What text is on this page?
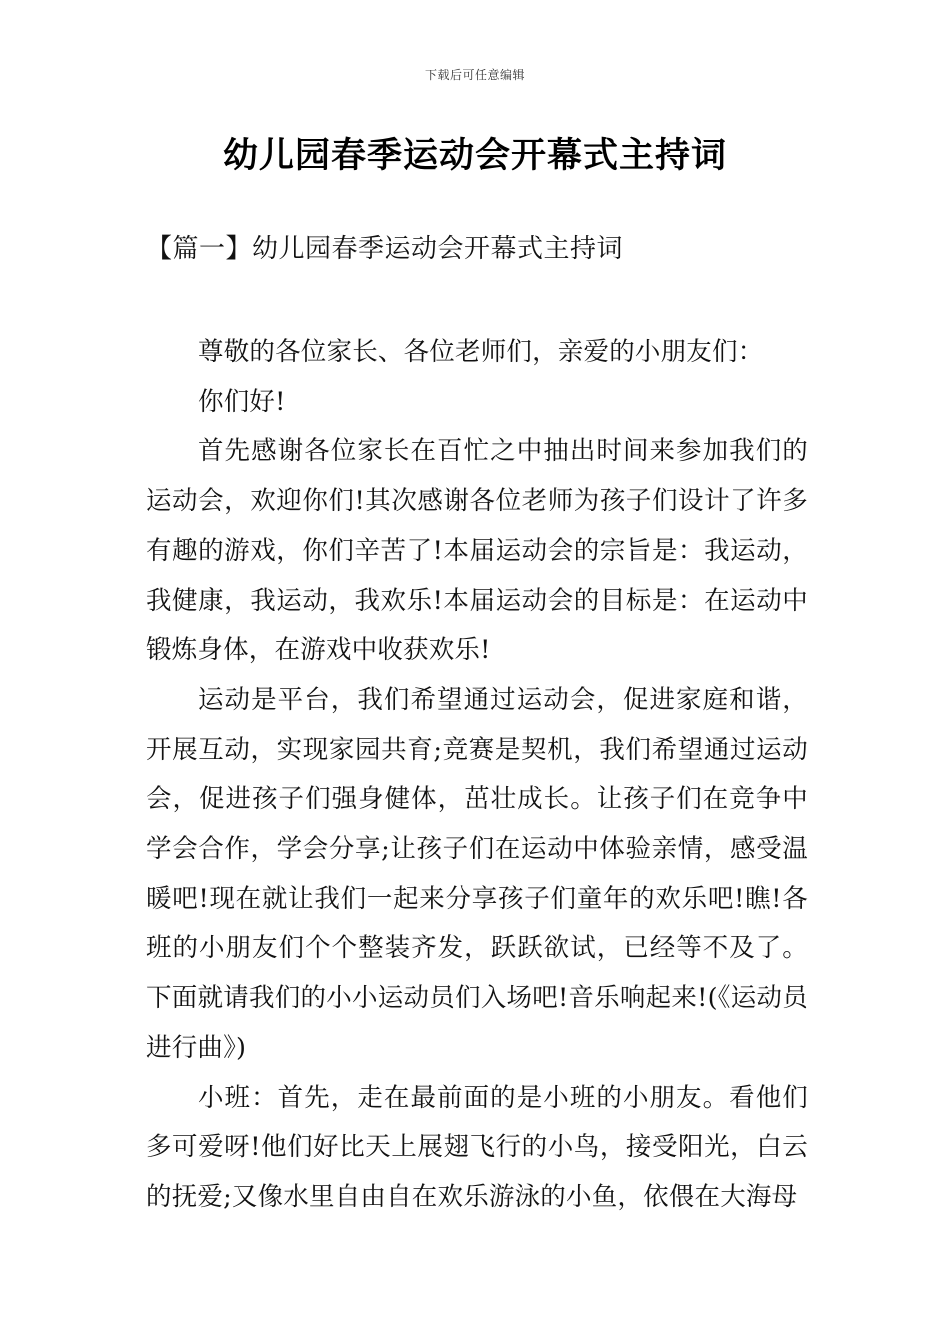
下载后可任意编辑
幼儿园春季运动会开幕式主持词
【篇一】幼儿园春季运动会开幕式主持词

尊敬的各位家长、各位老师们，亲爱的小朋友们：

你们好!

首先感谢各位家长在百忙之中抽出时间来参加我们的运动会，欢迎你们!其次感谢各位老师为孩子们设计了许多有趣的游戏，你们辛苦了!本届运动会的宗旨是：我运动，我健康，我运动，我欢乐!本届运动会的目标是：在运动中锻炼身体，在游戏中收获欢乐!

运动是平台，我们希望通过运动会，促进家庭和谐，开展互动，实现家园共育;竞赛是契机，我们希望通过运动会，促进孩子们强身健体，茁壮成长。让孩子们在竞争中学会合作，学会分享;让孩子们在运动中体验亲情，感受温暖吧!现在就让我们一起来分享孩子们童年的欢乐吧!瞧!各班的小朋友们个个整装齐发，跃跃欲试，已经等不及了。下面就请我们的小小运动员们入场吧!音乐响起来!(《运动员进行曲》)

小班：首先，走在最前面的是小班的小朋友。看他们多可爱呀!他们好比天上展翅飞行的小鸟，接受阳光，白云的抚爱;又像水里自由自在欢乐游泳的小鱼，依偎在大海母
